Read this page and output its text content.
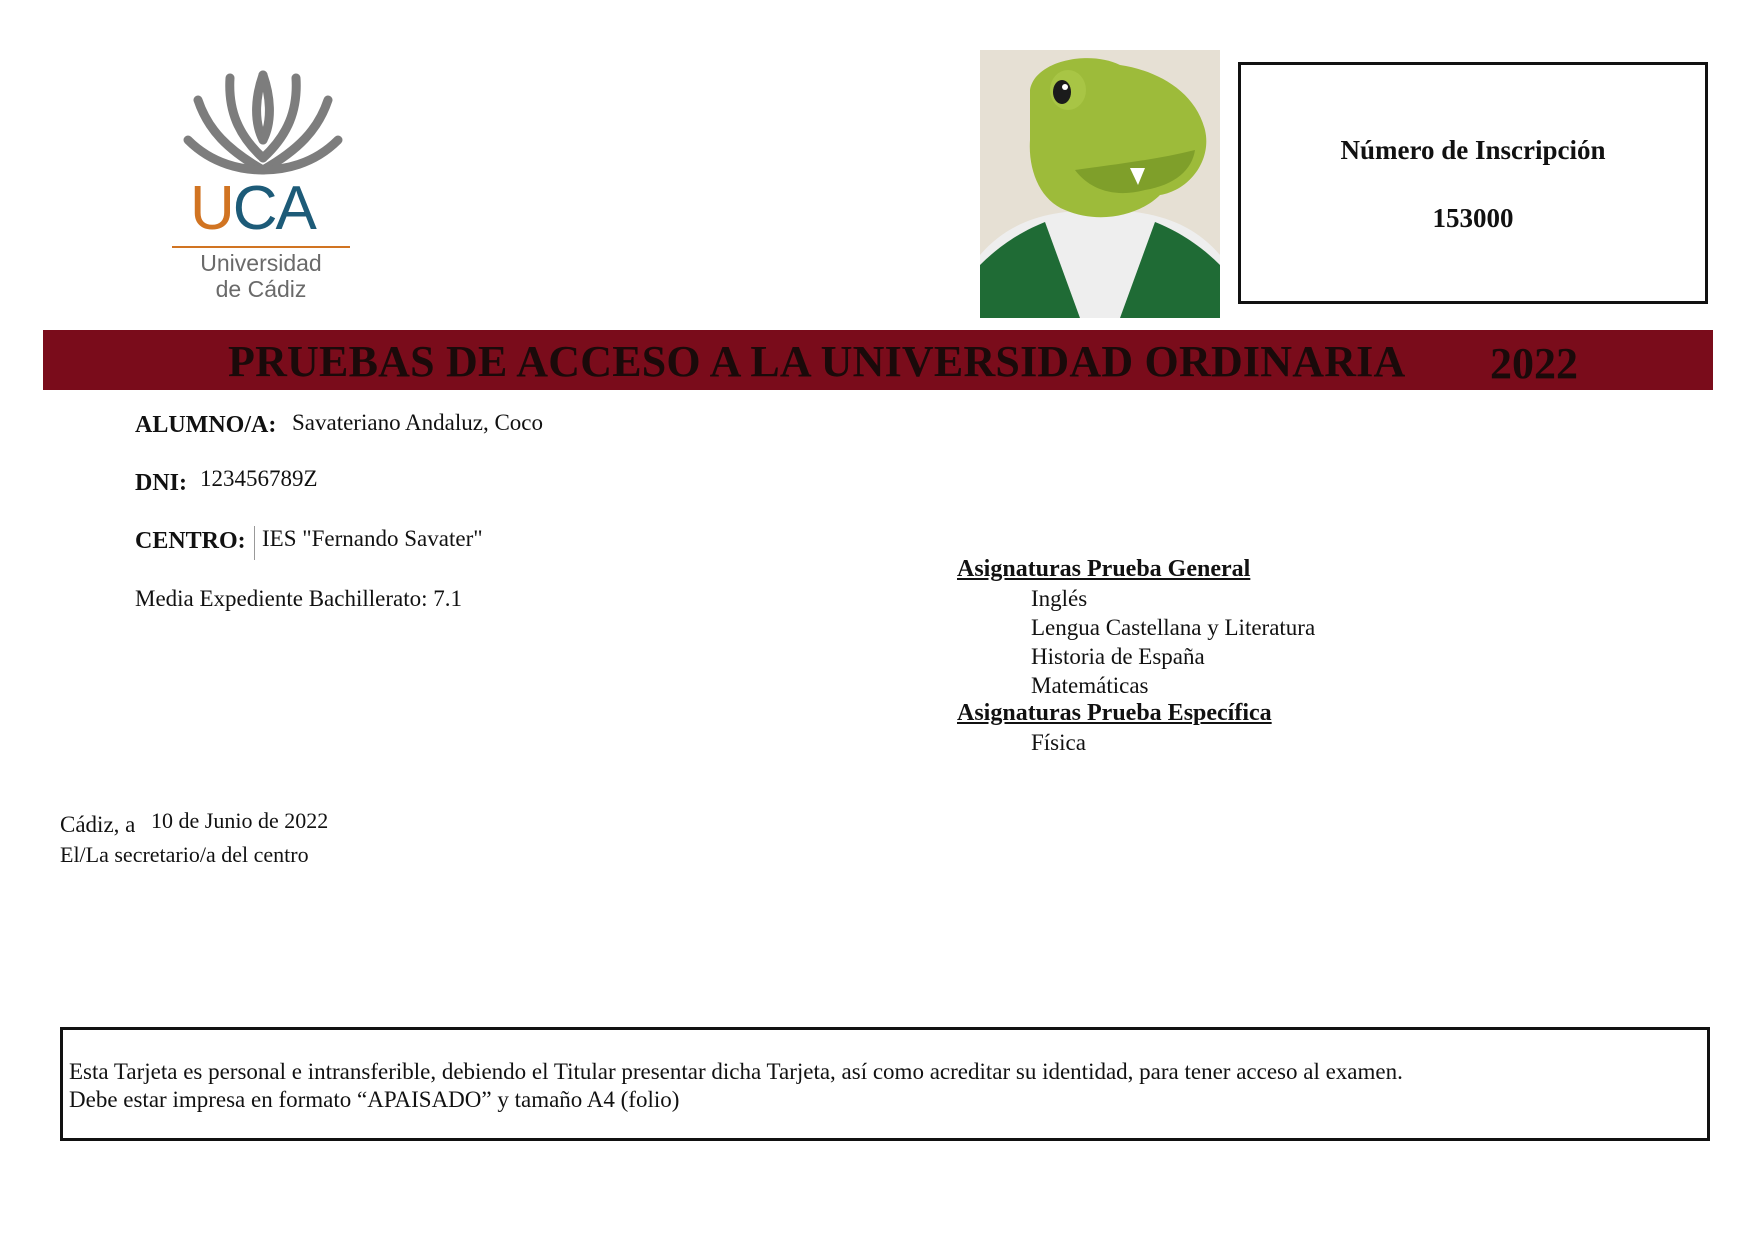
UCA
Universidad
de Cádiz
Número de Inscripción
153000
PRUEBAS DE ACCESO A LA UNIVERSIDAD ORDINARIA 2022
ALUMNO/A: Savateriano Andaluz, Coco
DNI: 123456789Z
CENTRO: IES "Fernando Savater"
Media Expediente Bachillerato: 7.1
Asignaturas Prueba General
Inglés
Lengua Castellana y Literatura
Historia de España
Matemáticas
Asignaturas Prueba Específica
Física
Cádiz, a 10 de Junio de 2022
El/La secretario/a del centro
Esta Tarjeta es personal e intransferible, debiendo el Titular presentar dicha Tarjeta, así como acreditar su identidad, para tener acceso al examen.
Debe estar impresa en formato “APAISADO” y tamaño A4 (folio)
